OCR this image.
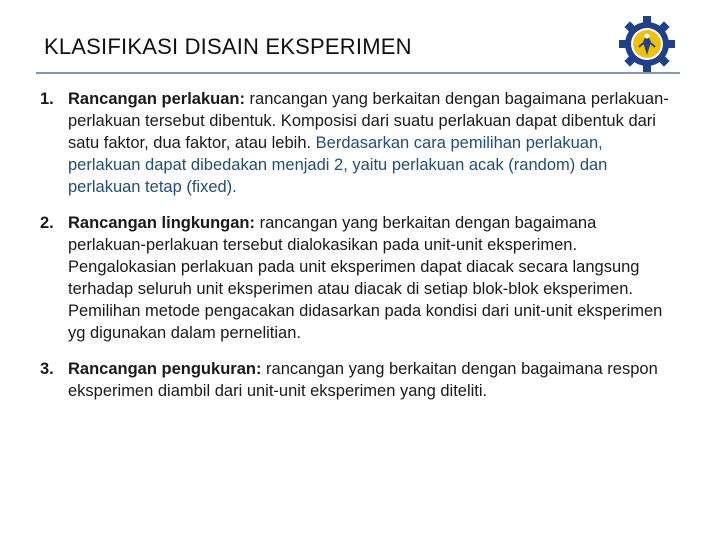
KLASIFIKASI DISAIN EKSPERIMEN
1. Rancangan perlakuan: rancangan yang berkaitan dengan bagaimana perlakuan-perlakuan tersebut dibentuk. Komposisi dari suatu perlakuan dapat dibentuk dari satu faktor, dua faktor, atau lebih. Berdasarkan cara pemilihan perlakuan, perlakuan dapat dibedakan menjadi 2, yaitu perlakuan acak (random) dan perlakuan tetap (fixed).
2. Rancangan lingkungan: rancangan yang berkaitan dengan bagaimana perlakuan-perlakuan tersebut dialokasikan pada unit-unit eksperimen. Pengalokasian perlakuan pada unit eksperimen dapat diacak secara langsung terhadap seluruh unit eksperimen atau diacak di setiap blok-blok eksperimen. Pemilihan metode pengacakan didasarkan pada kondisi dari unit-unit eksperimen yg digunakan dalam pernelitian.
3. Rancangan pengukuran: rancangan yang berkaitan dengan bagaimana respon eksperimen diambil dari unit-unit eksperimen yang diteliti.
